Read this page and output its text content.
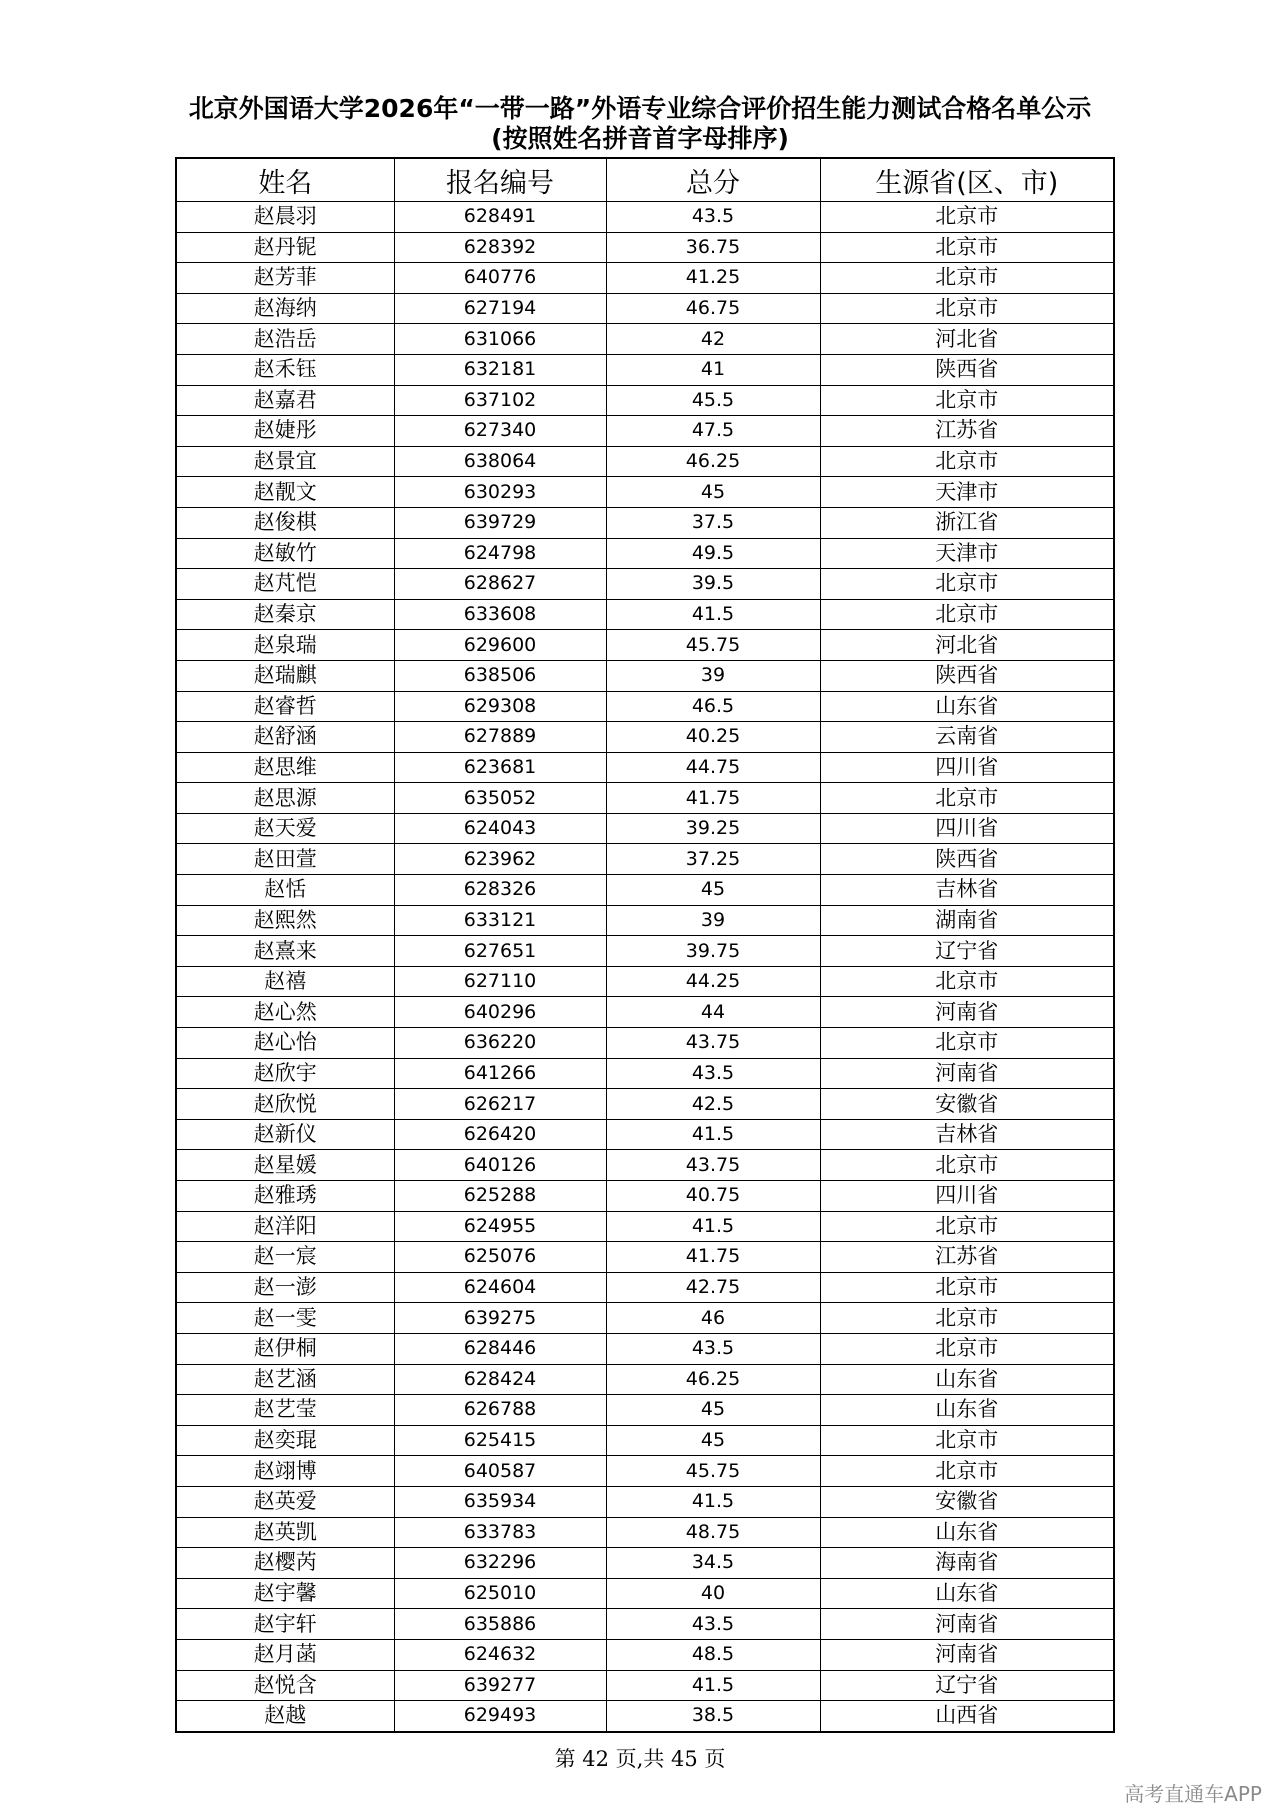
北京外国语大学2026年“一带一路”外语专业综合评价招生能力测试合格名单公示
(按照姓名拼音首字母排序)
姓名	报名编号	总分	生源省(区、市)
赵晨羽	628491	43.5	北京市
赵丹铌	628392	36.75	北京市
赵芳菲	640776	41.25	北京市
赵海纳	627194	46.75	北京市
赵浩岳	631066	42	河北省
赵禾钰	632181	41	陕西省
赵嘉君	637102	45.5	北京市
赵婕彤	627340	47.5	江苏省
赵景宜	638064	46.25	北京市
赵靓文	630293	45	天津市
赵俊棋	639729	37.5	浙江省
赵敏竹	624798	49.5	天津市
赵芃恺	628627	39.5	北京市
赵秦京	633608	41.5	北京市
赵泉瑞	629600	45.75	河北省
赵瑞麒	638506	39	陕西省
赵睿哲	629308	46.5	山东省
赵舒涵	627889	40.25	云南省
赵思维	623681	44.75	四川省
赵思源	635052	41.75	北京市
赵天爱	624043	39.25	四川省
赵田萱	623962	37.25	陕西省
赵恬	628326	45	吉林省
赵熙然	633121	39	湖南省
赵熹来	627651	39.75	辽宁省
赵禧	627110	44.25	北京市
赵心然	640296	44	河南省
赵心怡	636220	43.75	北京市
赵欣宇	641266	43.5	河南省
赵欣悦	626217	42.5	安徽省
赵新仪	626420	41.5	吉林省
赵星媛	640126	43.75	北京市
赵雅琇	625288	40.75	四川省
赵洋阳	624955	41.5	北京市
赵一宸	625076	41.75	江苏省
赵一澎	624604	42.75	北京市
赵一雯	639275	46	北京市
赵伊桐	628446	43.5	北京市
赵艺涵	628424	46.25	山东省
赵艺莹	626788	45	山东省
赵奕琨	625415	45	北京市
赵翊博	640587	45.75	北京市
赵英爱	635934	41.5	安徽省
赵英凯	633783	48.75	山东省
赵樱芮	632296	34.5	海南省
赵宇馨	625010	40	山东省
赵宇轩	635886	43.5	河南省
赵月菡	624632	48.5	河南省
赵悦含	639277	41.5	辽宁省
赵越	629493	38.5	山西省
第 42 页,共 45 页
高考直通车APP
